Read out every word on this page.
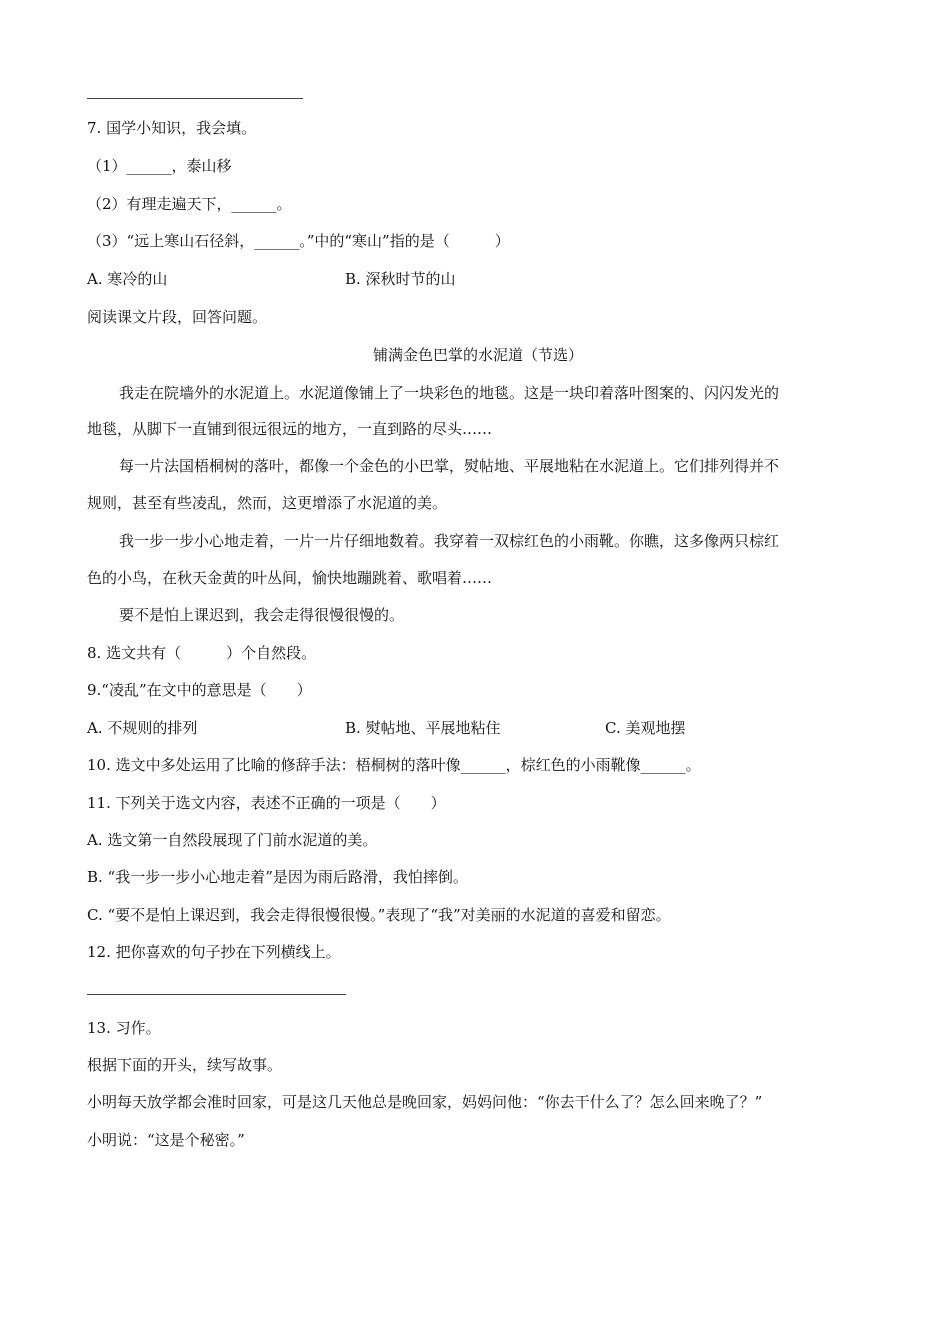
7. 国学小知识，我会填。
（1）______，泰山移
（2）有理走遍天下，______。
（3）“远上寒山石径斜，______。”中的“寒山”指的是（　　　）
A. 寒冷的山	B. 深秋时节的山
阅读课文片段，回答问题。
铺满金色巴掌的水泥道（节选）
我走在院墙外的水泥道上。水泥道像铺上了一块彩色的地毯。这是一块印着落叶图案的、闪闪发光的
地毯，从脚下一直铺到很远很远的地方，一直到路的尽头……
每一片法国梧桐树的落叶，都像一个金色的小巴掌，熨帖地、平展地粘在水泥道上。它们排列得并不
规则，甚至有些凌乱，然而，这更增添了水泥道的美。
我一步一步小心地走着，一片一片仔细地数着。我穿着一双棕红色的小雨靴。你瞧，这多像两只棕红
色的小鸟，在秋天金黄的叶丛间，愉快地蹦跳着、歌唱着……
要不是怕上课迟到，我会走得很慢很慢的。
8. 选文共有（　　　）个自然段。
9.“凌乱”在文中的意思是（　　）
A. 不规则的排列	B. 熨帖地、平展地粘住	C. 美观地摆
10. 选文中多处运用了比喻的修辞手法：梧桐树的落叶像______，棕红色的小雨靴像______。
11. 下列关于选文内容，表述不正确的一项是（　　）
A. 选文第一自然段展现了门前水泥道的美。
B. “我一步一步小心地走着”是因为雨后路滑，我怕摔倒。
C. “要不是怕上课迟到，我会走得很慢很慢。”表现了“我”对美丽的水泥道的喜爱和留恋。
12. 把你喜欢的句子抄在下列横线上。
13. 习作。
根据下面的开头，续写故事。
小明每天放学都会准时回家，可是这几天他总是晚回家，妈妈问他：“你去干什么了？怎么回来晚了？”
小明说：“这是个秘密。”
